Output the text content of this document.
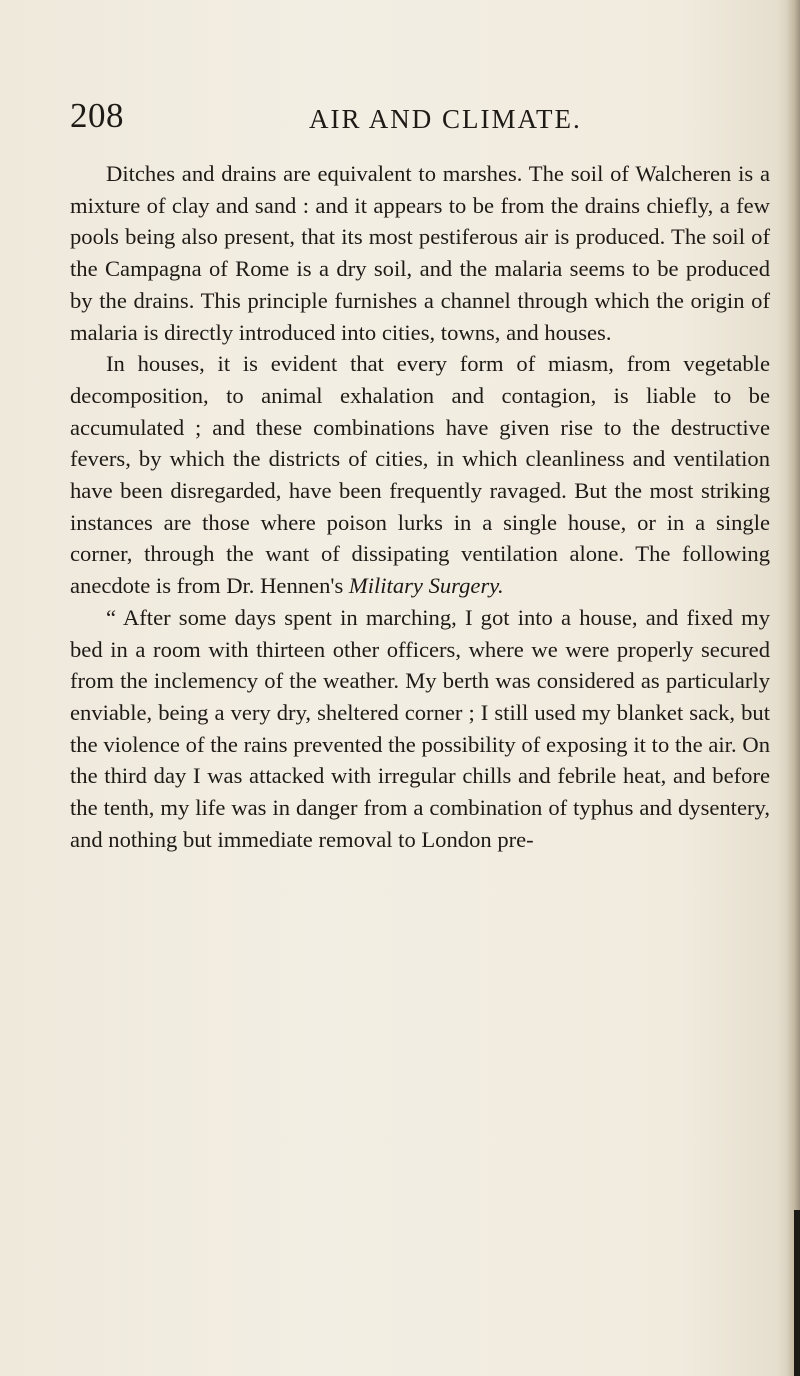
208	AIR AND CLIMATE.

Ditches and drains are equivalent to marshes. The soil of Walcheren is a mixture of clay and sand : and it appears to be from the drains chiefly, a few pools being also present, that its most pestiferous air is produced. The soil of the Campagna of Rome is a dry soil, and the malaria seems to be produced by the drains. This principle furnishes a channel through which the origin of malaria is directly introduced into cities, towns, and houses.

In houses, it is evident that every form of miasm, from vegetable decomposition, to animal exhalation and contagion, is liable to be accumulated ; and these combinations have given rise to the destructive fevers, by which the districts of cities, in which cleanliness and ventilation have been disregarded, have been frequently ravaged. But the most striking instances are those where poison lurks in a single house, or in a single corner, through the want of dissipating ventilation alone. The following anecdote is from Dr. Hennen's Military Surgery.

“ After some days spent in marching, I got into a house, and fixed my bed in a room with thirteen other officers, where we were properly secured from the inclemency of the weather. My berth was considered as particularly enviable, being a very dry, sheltered corner ; I still used my blanket sack, but the violence of the rains prevented the possibility of exposing it to the air. On the third day I was attacked with irregular chills and febrile heat, and before the tenth, my life was in danger from a combination of typhus and dysentery, and nothing but immediate removal to London pre-
